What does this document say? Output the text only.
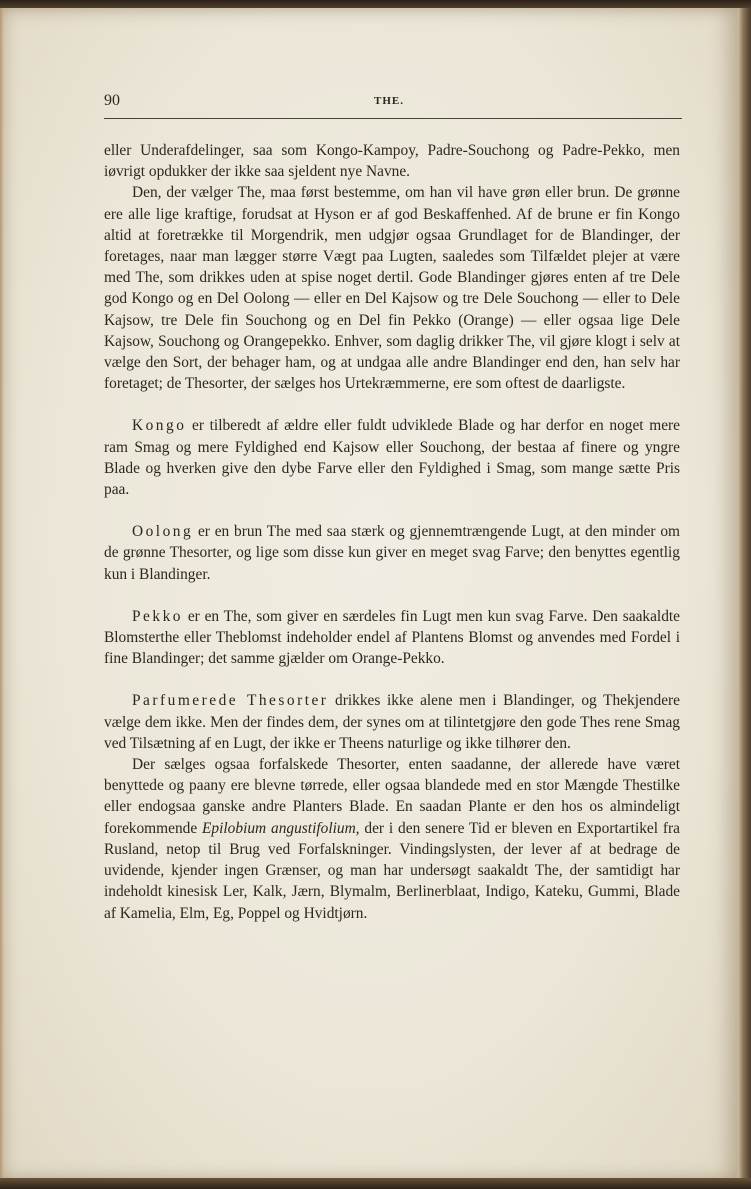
90	THE.

eller Underafdelinger, saa som Kongo-Kampoy, Padre-Souchong og Padre-Pekko, men iøvrigt opdukker der ikke saa sjeldent nye Navne.

Den, der vælger The, maa først bestemme, om han vil have grøn eller brun. De grønne ere alle lige kraftige, forudsat at Hyson er af god Beskaffenhed. Af de brune er fin Kongo altid at foretrække til Morgendrik, men udgjør ogsaa Grundlaget for de Blandinger, der foretages, naar man lægger større Vægt paa Lugten, saaledes som Tilfældet plejer at være med The, som drikkes uden at spise noget dertil. Gode Blandinger gjøres enten af tre Dele god Kongo og en Del Oolong — eller en Del Kajsow og tre Dele Souchong — eller to Dele Kajsow, tre Dele fin Souchong og en Del fin Pekko (Orange) — eller ogsaa lige Dele Kajsow, Souchong og Orangepekko. Enhver, som daglig drikker The, vil gjøre klogt i selv at vælge den Sort, der behager ham, og at undgaa alle andre Blandinger end den, han selv har foretaget; de Thesorter, der sælges hos Urtekræmmerne, ere som oftest de daarligste.

Kongo er tilberedt af ældre eller fuldt udviklede Blade og har derfor en noget mere ram Smag og mere Fyldighed end Kajsow eller Souchong, der bestaa af finere og yngre Blade og hverken give den dybe Farve eller den Fyldighed i Smag, som mange sætte Pris paa.

Oolong er en brun The med saa stærk og gjennemtrængende Lugt, at den minder om de grønne Thesorter, og lige som disse kun giver en meget svag Farve; den benyttes egentlig kun i Blandinger.

Pekko er en The, som giver en særdeles fin Lugt men kun svag Farve. Den saakaldte Blomsterthe eller Theblomst indeholder endel af Plantens Blomst og anvendes med Fordel i fine Blandinger; det samme gjælder om Orange-Pekko.

Parfumerede Thesorter drikkes ikke alene men i Blandinger, og Thekjendere vælge dem ikke. Men der findes dem, der synes om at tilintetgjøre den gode Thes rene Smag ved Tilsætning af en Lugt, der ikke er Theens naturlige og ikke tilhører den.

Der sælges ogsaa forfalskede Thesorter, enten saadanne, der allerede have været benyttede og paany ere blevne tørrede, eller ogsaa blandede med en stor Mængde Thestilke eller endogsaa ganske andre Planters Blade. En saadan Plante er den hos os almindeligt forekommende Epilobium angustifolium, der i den senere Tid er bleven en Exportartikel fra Rusland, netop til Brug ved Forfalskninger. Vindingslysten, der lever af at bedrage de uvidende, kjender ingen Grænser, og man har undersøgt saakaldt The, der samtidigt har indeholdt kinesisk Ler, Kalk, Jærn, Blymalm, Berlinerblaat, Indigo, Kateku, Gummi, Blade af Kamelia, Elm, Eg, Poppel og Hvidtjørn.
